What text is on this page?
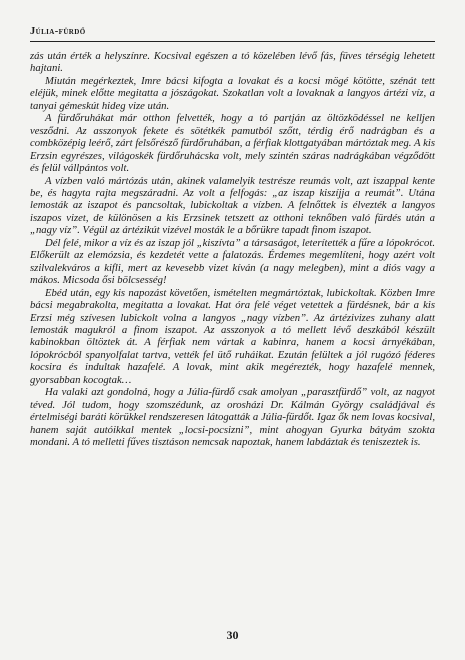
Júlia-fürdő

zás után érték a helyszínre. Kocsival egészen a tó közelében lévő fás, füves térségig lehetett hajtani.

Miután megérkeztek, Imre bácsi kifogta a lovakat és a kocsi mögé kötötte, szénát tett eléjük, minek előtte megitatta a jószágokat. Szokatlan volt a lovaknak a langyos ártézi víz, a tanyai gémeskút hideg vize után.

A fürdőruhákat már otthon felvették, hogy a tó partján az öltözködéssel ne kelljen vesződni. Az asszonyok fekete és sötétkék pamutból szőtt, térdig érő nadrágban és a combközépig leérő, zárt felsőrésző fürdőruhában, a férfiak klottgatyában mártóztak meg. A kis Erzsin egyrészes, világoskék fürdőruhácska volt, mely szintén száras nadrágkában végződött és felül vállpántos volt.

A vízben való mártózás után, akinek valamelyik testrésze reumás volt, azt iszappal kente be, és hagyta rajta megszáradni. Az volt a felfogás: „az iszap kiszíjja a reumát”. Utána lemosták az iszapot és pancsoltak, lubickoltak a vízben. A felnőttek is élvezték a langyos iszapos vizet, de különösen a kis Erzsinek tetszett az otthoni teknőben való fürdés után a „nagy víz”. Végül az ártézikút vizével mosták le a bőrükre tapadt finom iszapot.

Dél felé, mikor a víz és az iszap jól „kiszívta” a társaságot, leterítették a fűre a lópokrócot. Előkerült az elemózsia, és kezdetét vette a falatozás. Érdemes megemlíteni, hogy azért volt szilvalekváros a kifli, mert az kevesebb vizet kíván (a nagy melegben), mint a diós vagy a mákos. Micsoda ősi bölcsesség!

Ebéd után, egy kis napozást követően, ismételten megmártóztak, lubickoltak. Közben Imre bácsi megabrakolta, megitatta a lovakat. Hat óra felé véget vetettek a fürdésnek, bár a kis Erzsi még szívesen lubickolt volna a langyos „nagy vízben”. Az ártézivizes zuhany alatt lemosták magukról a finom iszapot. Az asszonyok a tó mellett lévő deszkából készült kabinokban öltöztek át. A férfiak nem vártak a kabinra, hanem a kocsi árnyékában, lópokrócból spanyolfalat tartva, vették fel ütő ruháikat. Ezután felültek a jól rugózó féderes kocsira és indultak hazafelé. A lovak, mint akik megérezték, hogy hazafelé mennek, gyorsabban kocogtak…

Ha valaki azt gondolná, hogy a Júlia-fürdő csak amolyan „parasztfürdő” volt, az nagyot téved. Jól tudom, hogy szomszédunk, az orosházi Dr. Kálmán György családjával és értelmiségi baráti körükkel rendszeresen látogatták a Júlia-fürdőt. Igaz ők nem lovas kocsival, hanem saját autóikkal mentek „locsi-pocsizni”, mint ahogyan Gyurka bátyám szokta mondani. A tó melletti fűves tisztáson nemcsak napoztak, hanem labdáztak és teniszeztek is.

30
